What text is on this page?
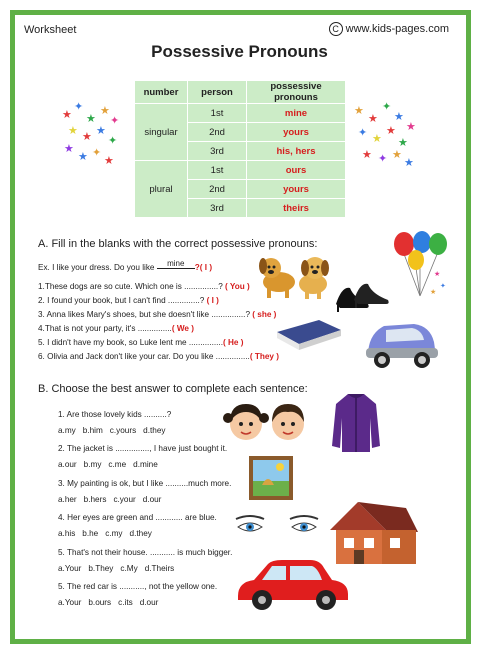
Worksheet	C www.kids-pages.com
Possessive Pronouns
★
✦
★
★
✦
★ ★ ★
✦
★
★ ✦
★
★
★
✦
★
★
✦ ★
★
★
★ ✦ ★
★
number	person	possessive pronouns
singular	1st	mine
	2nd	yours
	3rd	his, hers
plural	1st	ours
	2nd	yours
	3rd	theirs
A. Fill in the blanks with the correct possessive pronouns:
Ex. I like your dress. Do you like mine ?( I )
1.These dogs are so cute. Which one is ...............? ( You )
2. I found your book, but I can't find ..............? ( I )
3. Anna likes Mary's shoes, but she doesn't like ...............? ( she )
4.That is not your party, it's ...............( We )
5. I didn't have my book, so Luke lent me ...............( He )
6. Olivia and Jack don't like your car. Do you like ...............( They )
★
✦
★
B. Choose the best answer to complete each sentence:
1. Are those lovely kids ..........?
a.my b.him c.yours d.they
2. The jacket is ..............., I have just bought it.
a.our b.my c.me d.mine
3. My painting is ok, but I like ..........much more.
a.her b.hers c.your d.our
4. Her eyes are green and ............ are blue.
a.his b.he c.my d.they
5. That's not their house. ........... is much bigger.
a.Your b.They c.My d.Theirs
5. The red car is ..........., not the yellow one.
a.Your b.ours c.its d.our
